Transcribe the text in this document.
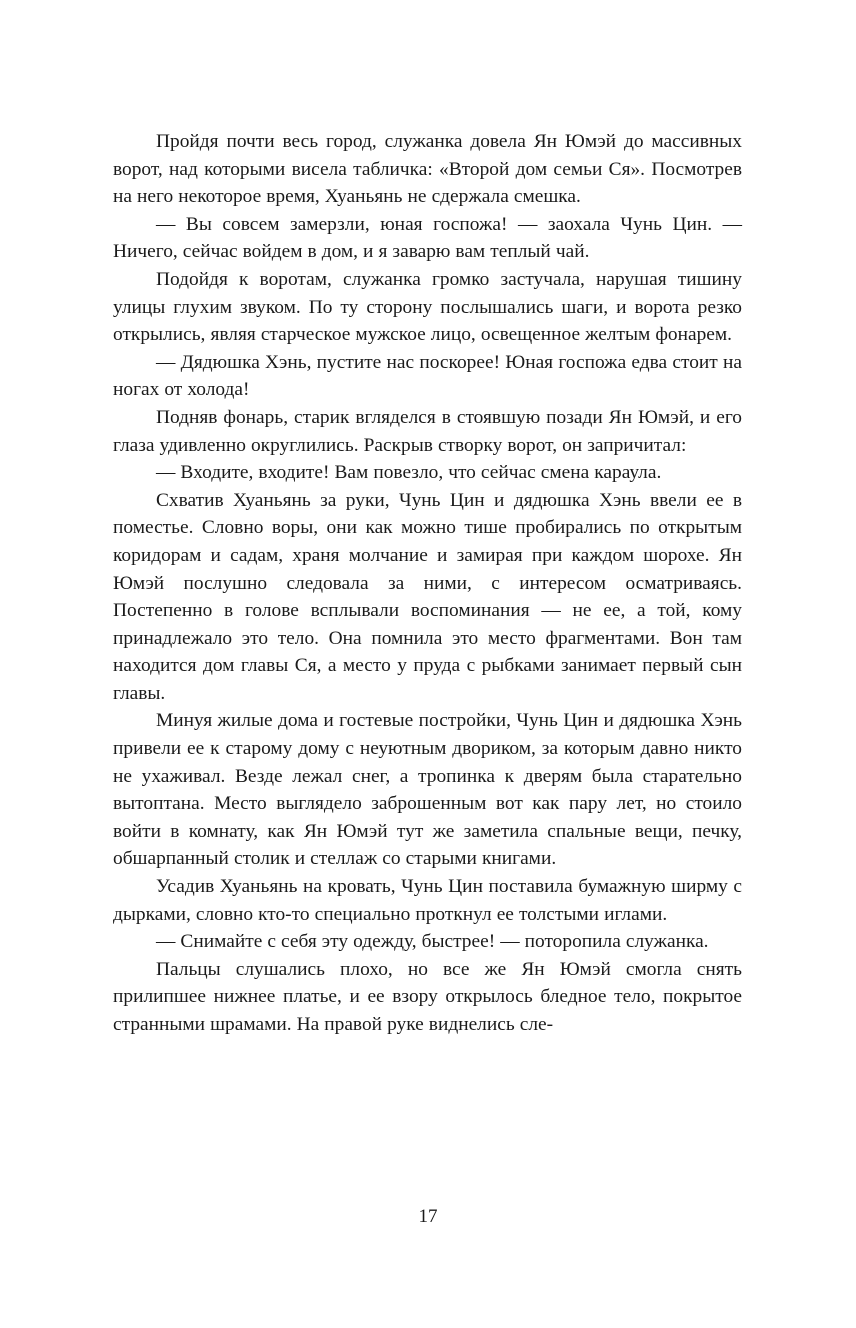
Пройдя почти весь город, служанка довела Ян Юмэй до массивных ворот, над которыми висела табличка: «Второй дом семьи Ся». Посмотрев на него некоторое время, Хуаньянь не сдержала смешка.

— Вы совсем замерзли, юная госпожа! — заохала Чунь Цин. — Ничего, сейчас войдем в дом, и я заварю вам теплый чай.

Подойдя к воротам, служанка громко застучала, нарушая тишину улицы глухим звуком. По ту сторону послышались шаги, и ворота резко открылись, являя старческое мужское лицо, освещенное желтым фонарем.

— Дядюшка Хэнь, пустите нас поскорее! Юная госпожа едва стоит на ногах от холода!

Подняв фонарь, старик вгляделся в стоявшую позади Ян Юмэй, и его глаза удивленно округлились. Раскрыв створку ворот, он запричитал:

— Входите, входите! Вам повезло, что сейчас смена караула.

Схватив Хуаньянь за руки, Чунь Цин и дядюшка Хэнь ввели ее в поместье. Словно воры, они как можно тише пробирались по открытым коридорам и садам, храня молчание и замирая при каждом шорохе. Ян Юмэй послушно следовала за ними, с интересом осматриваясь. Постепенно в голове всплывали воспоминания — не ее, а той, кому принадлежало это тело. Она помнила это место фрагментами. Вон там находится дом главы Ся, а место у пруда с рыбками занимает первый сын главы.

Минуя жилые дома и гостевые постройки, Чунь Цин и дядюшка Хэнь привели ее к старому дому с неуютным двориком, за которым давно никто не ухаживал. Везде лежал снег, а тропинка к дверям была старательно вытоптана. Место выглядело заброшенным вот как пару лет, но стоило войти в комнату, как Ян Юмэй тут же заметила спальные вещи, печку, обшарпанный столик и стеллаж со старыми книгами.

Усадив Хуаньянь на кровать, Чунь Цин поставила бумажную ширму с дырками, словно кто-то специально проткнул ее толстыми иглами.

— Снимайте с себя эту одежду, быстрее! — поторопила служанка.

Пальцы слушались плохо, но все же Ян Юмэй смогла снять прилипшее нижнее платье, и ее взору открылось бледное тело, покрытое странными шрамами. На правой руке виднелись сле-

17
